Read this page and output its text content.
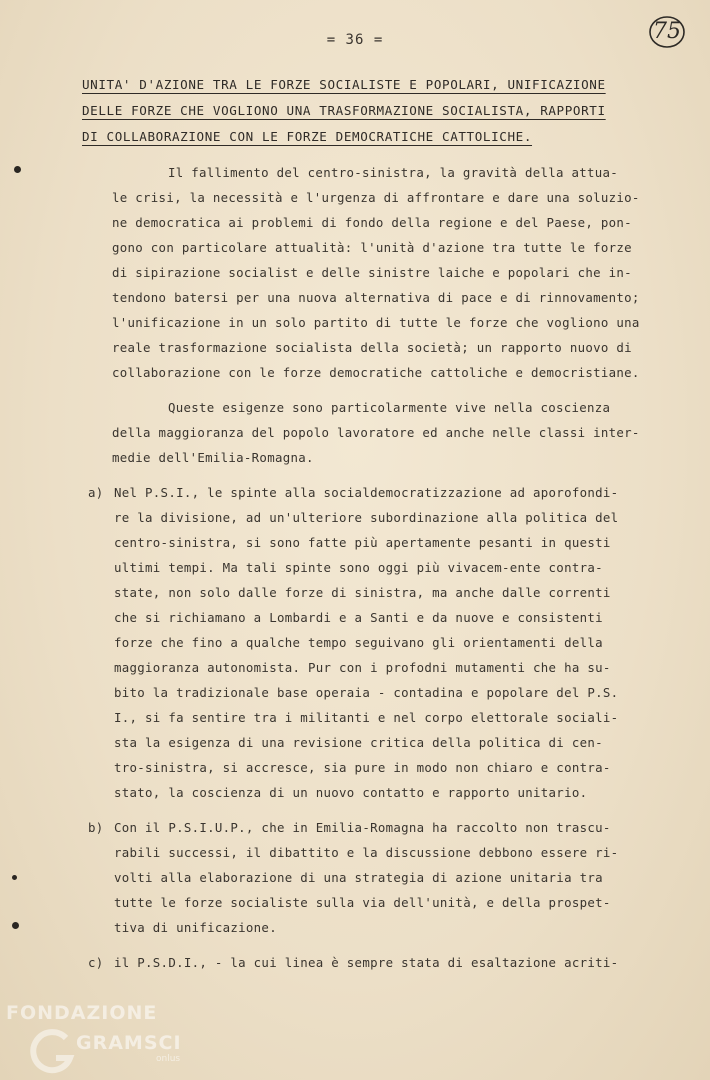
= 36 =	75
UNITA' D'AZIONE TRA LE FORZE SOCIALISTE E POPOLARI, UNIFICAZIONE
DELLE FORZE CHE VOGLIONO UNA TRASFORMAZIONE SOCIALISTA, RAPPORTI
DI COLLABORAZIONE CON LE FORZE DEMOCRATICHE CATTOLICHE.
Il fallimento del centro-sinistra, la gravità della attua-
le crisi, la necessità e l'urgenza di affrontare e dare una soluzio-
ne democratica ai problemi di fondo della regione e del Paese, pon-
gono con particolare attualità: l'unità d'azione tra tutte le forze
di sipirazione socialist e delle sinistre laiche e popolari che in-
tendono batersi per una nuova alternativa di pace e di rinnovamento;
l'unificazione in un solo partito di tutte le forze che vogliono una
reale trasformazione socialista della società; un rapporto nuovo di
collaborazione con le forze democratiche cattoliche e democristiane.
Queste esigenze sono particolarmente vive nella coscienza
della maggioranza del popolo lavoratore ed anche nelle classi inter-
medie dell'Emilia-Romagna.
a) Nel P.S.I., le spinte alla socialdemocratizzazione ad aporofondi-
re la divisione, ad un'ulteriore subordinazione alla politica del
centro-sinistra, si sono fatte più apertamente pesanti in questi
ultimi tempi. Ma tali spinte sono oggi più vivacem-ente contra-
state, non solo dalle forze di sinistra, ma anche dalle correnti
che si richiamano a Lombardi e a Santi e da nuove e consistenti
forze che fino a qualche tempo seguivano gli orientamenti della
maggioranza autonomista. Pur con i profodni mutamenti che ha su-
bito la tradizionale base operaia - contadina e popolare del P.S.
I., si fa sentire tra i militanti e nel corpo elettorale sociali-
sta la esigenza di una revisione critica della politica di cen-
tro-sinistra, si accresce, sia pure in modo non chiaro e contra-
stato, la coscienza di un nuovo contatto e rapporto unitario.
b) Con il P.S.I.U.P., che in Emilia-Romagna ha raccolto non trascu-
rabili successi, il dibattito e la discussione debbono essere ri-
volti alla elaborazione di una strategia di azione unitaria tra
tutte le forze socialiste sulla via dell'unità, e della prospet-
tiva di unificazione.
c) il P.S.D.I., - la cui linea è sempre stata di esaltazione acriti-
FONDAZIONE
GRAMSCI
onlus
